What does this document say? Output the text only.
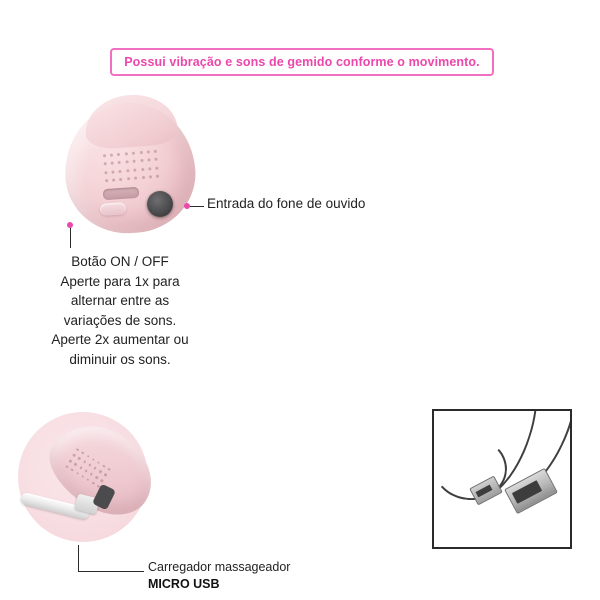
Possui vibração e sons de gemido conforme o movimento.
Entrada do fone de ouvido
Botão ON / OFF
Aperte para 1x para
alternar entre as
variações de sons.
Aperte 2x aumentar ou
diminuir os sons.
Carregador massageador
MICRO USB
